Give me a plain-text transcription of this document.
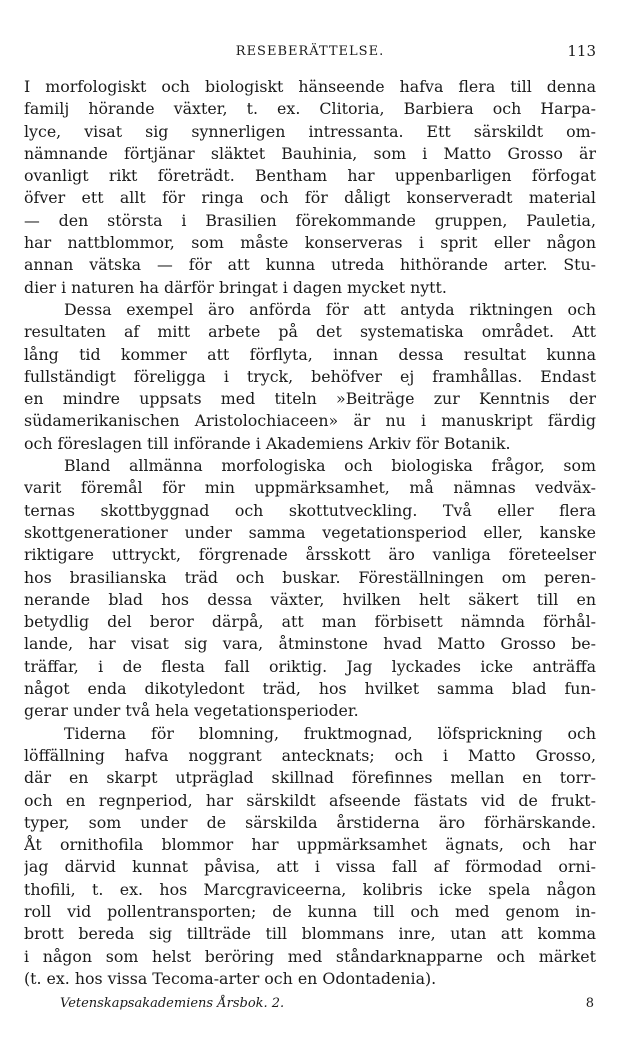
RESEBERÄTTELSE.	113
I morfologiskt och biologiskt hänseende hafva flera till denna
familj hörande växter, t. ex. Clitoria, Barbiera och Harpa-
lyce, visat sig synnerligen intressanta. Ett särskildt om-
nämnande förtjänar släktet Bauhinia, som i Matto Grosso är
ovanligt rikt företrädt. Bentham har uppenbarligen förfogat
öfver ett allt för ringa och för dåligt konserveradt material
— den största i Brasilien förekommande gruppen, Pauletia,
har nattblommor, som måste konserveras i sprit eller någon
annan vätska — för att kunna utreda hithörande arter. Stu-
dier i naturen ha därför bringat i dagen mycket nytt.
Dessa exempel äro anförda för att antyda riktningen och
resultaten af mitt arbete på det systematiska området. Att
lång tid kommer att förflyta, innan dessa resultat kunna
fullständigt föreligga i tryck, behöfver ej framhållas. Endast
en mindre uppsats med titeln »Beiträge zur Kenntnis der
südamerikanischen Aristolochiaceen» är nu i manuskript färdig
och föreslagen till införande i Akademiens Arkiv för Botanik.
Bland allmänna morfologiska och biologiska frågor, som
varit föremål för min uppmärksamhet, må nämnas vedväx-
ternas skottbyggnad och skottutveckling. Två eller flera
skottgenerationer under samma vegetationsperiod eller, kanske
riktigare uttryckt, förgrenade årsskott äro vanliga företeelser
hos brasilianska träd och buskar. Föreställningen om peren-
nerande blad hos dessa växter, hvilken helt säkert till en
betydlig del beror därpå, att man förbisett nämnda förhål-
lande, har visat sig vara, åtminstone hvad Matto Grosso be-
träffar, i de flesta fall oriktig. Jag lyckades icke anträffa
något enda dikotyledont träd, hos hvilket samma blad fun-
gerar under två hela vegetationsperioder.
Tiderna för blomning, fruktmognad, löfsprickning och
löffällning hafva noggrant antecknats; och i Matto Grosso,
där en skarpt utpräglad skillnad förefinnes mellan en torr-
och en regnperiod, har särskildt afseende fästats vid de frukt-
typer, som under de särskilda årstiderna äro förhärskande.
Åt ornithofila blommor har uppmärksamhet ägnats, och har
jag därvid kunnat påvisa, att i vissa fall af förmodad orni-
thofili, t. ex. hos Marcgraviceerna, kolibris icke spela någon
roll vid pollentransporten; de kunna till och med genom in-
brott bereda sig tillträde till blommans inre, utan att komma
i någon som helst beröring med ståndarknapparne och märket
(t. ex. hos vissa Tecoma-arter och en Odontadenia).
Vetenskapsakademiens Årsbok. 2.	8
